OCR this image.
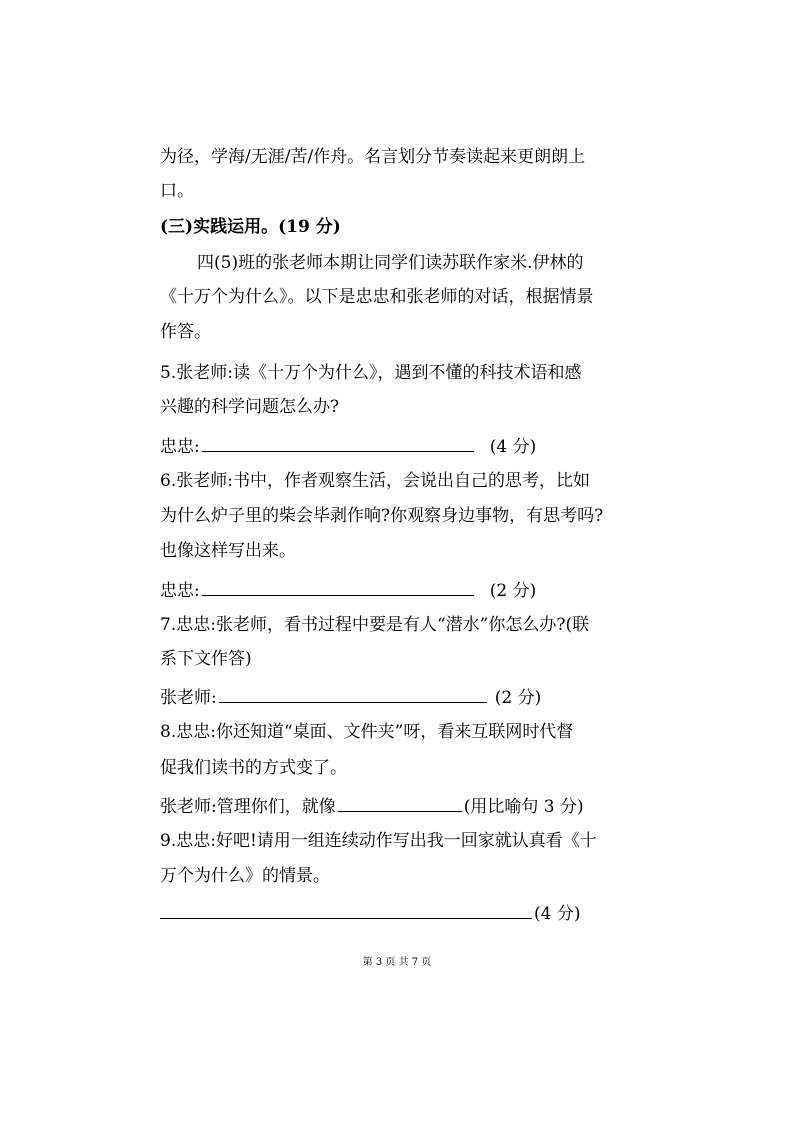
为径，学海/无涯/苦/作舟。名言划分节奏读起来更朗朗上
口。
(三)实践运用。(19 分)
四(5)班的张老师本期让同学们读苏联作家米.伊林的
《十万个为什么》。以下是忠忠和张老师的对话，根据情景
作答。
5.张老师:读《十万个为什么》，遇到不懂的科技术语和感
兴趣的科学问题怎么办?
忠忠:	(4 分)
6.张老师:书中，作者观察生活，会说出自己的思考，比如
为什么炉子里的柴会毕剥作响?你观察身边事物，有思考吗?
也像这样写出来。
忠忠:	(2 分)
7.忠忠:张老师，看书过程中要是有人“潜水”你怎么办?(联
系下文作答)
张老师:	(2 分)
8.忠忠:你还知道“桌面、文件夹”呀，看来互联网时代督
促我们读书的方式变了。
张老师:管理你们，就像	(用比喻句 3 分)
9.忠忠:好吧!请用一组连续动作写出我一回家就认真看《十
万个为什么》的情景。
(4 分)
第 3 页 共 7 页
